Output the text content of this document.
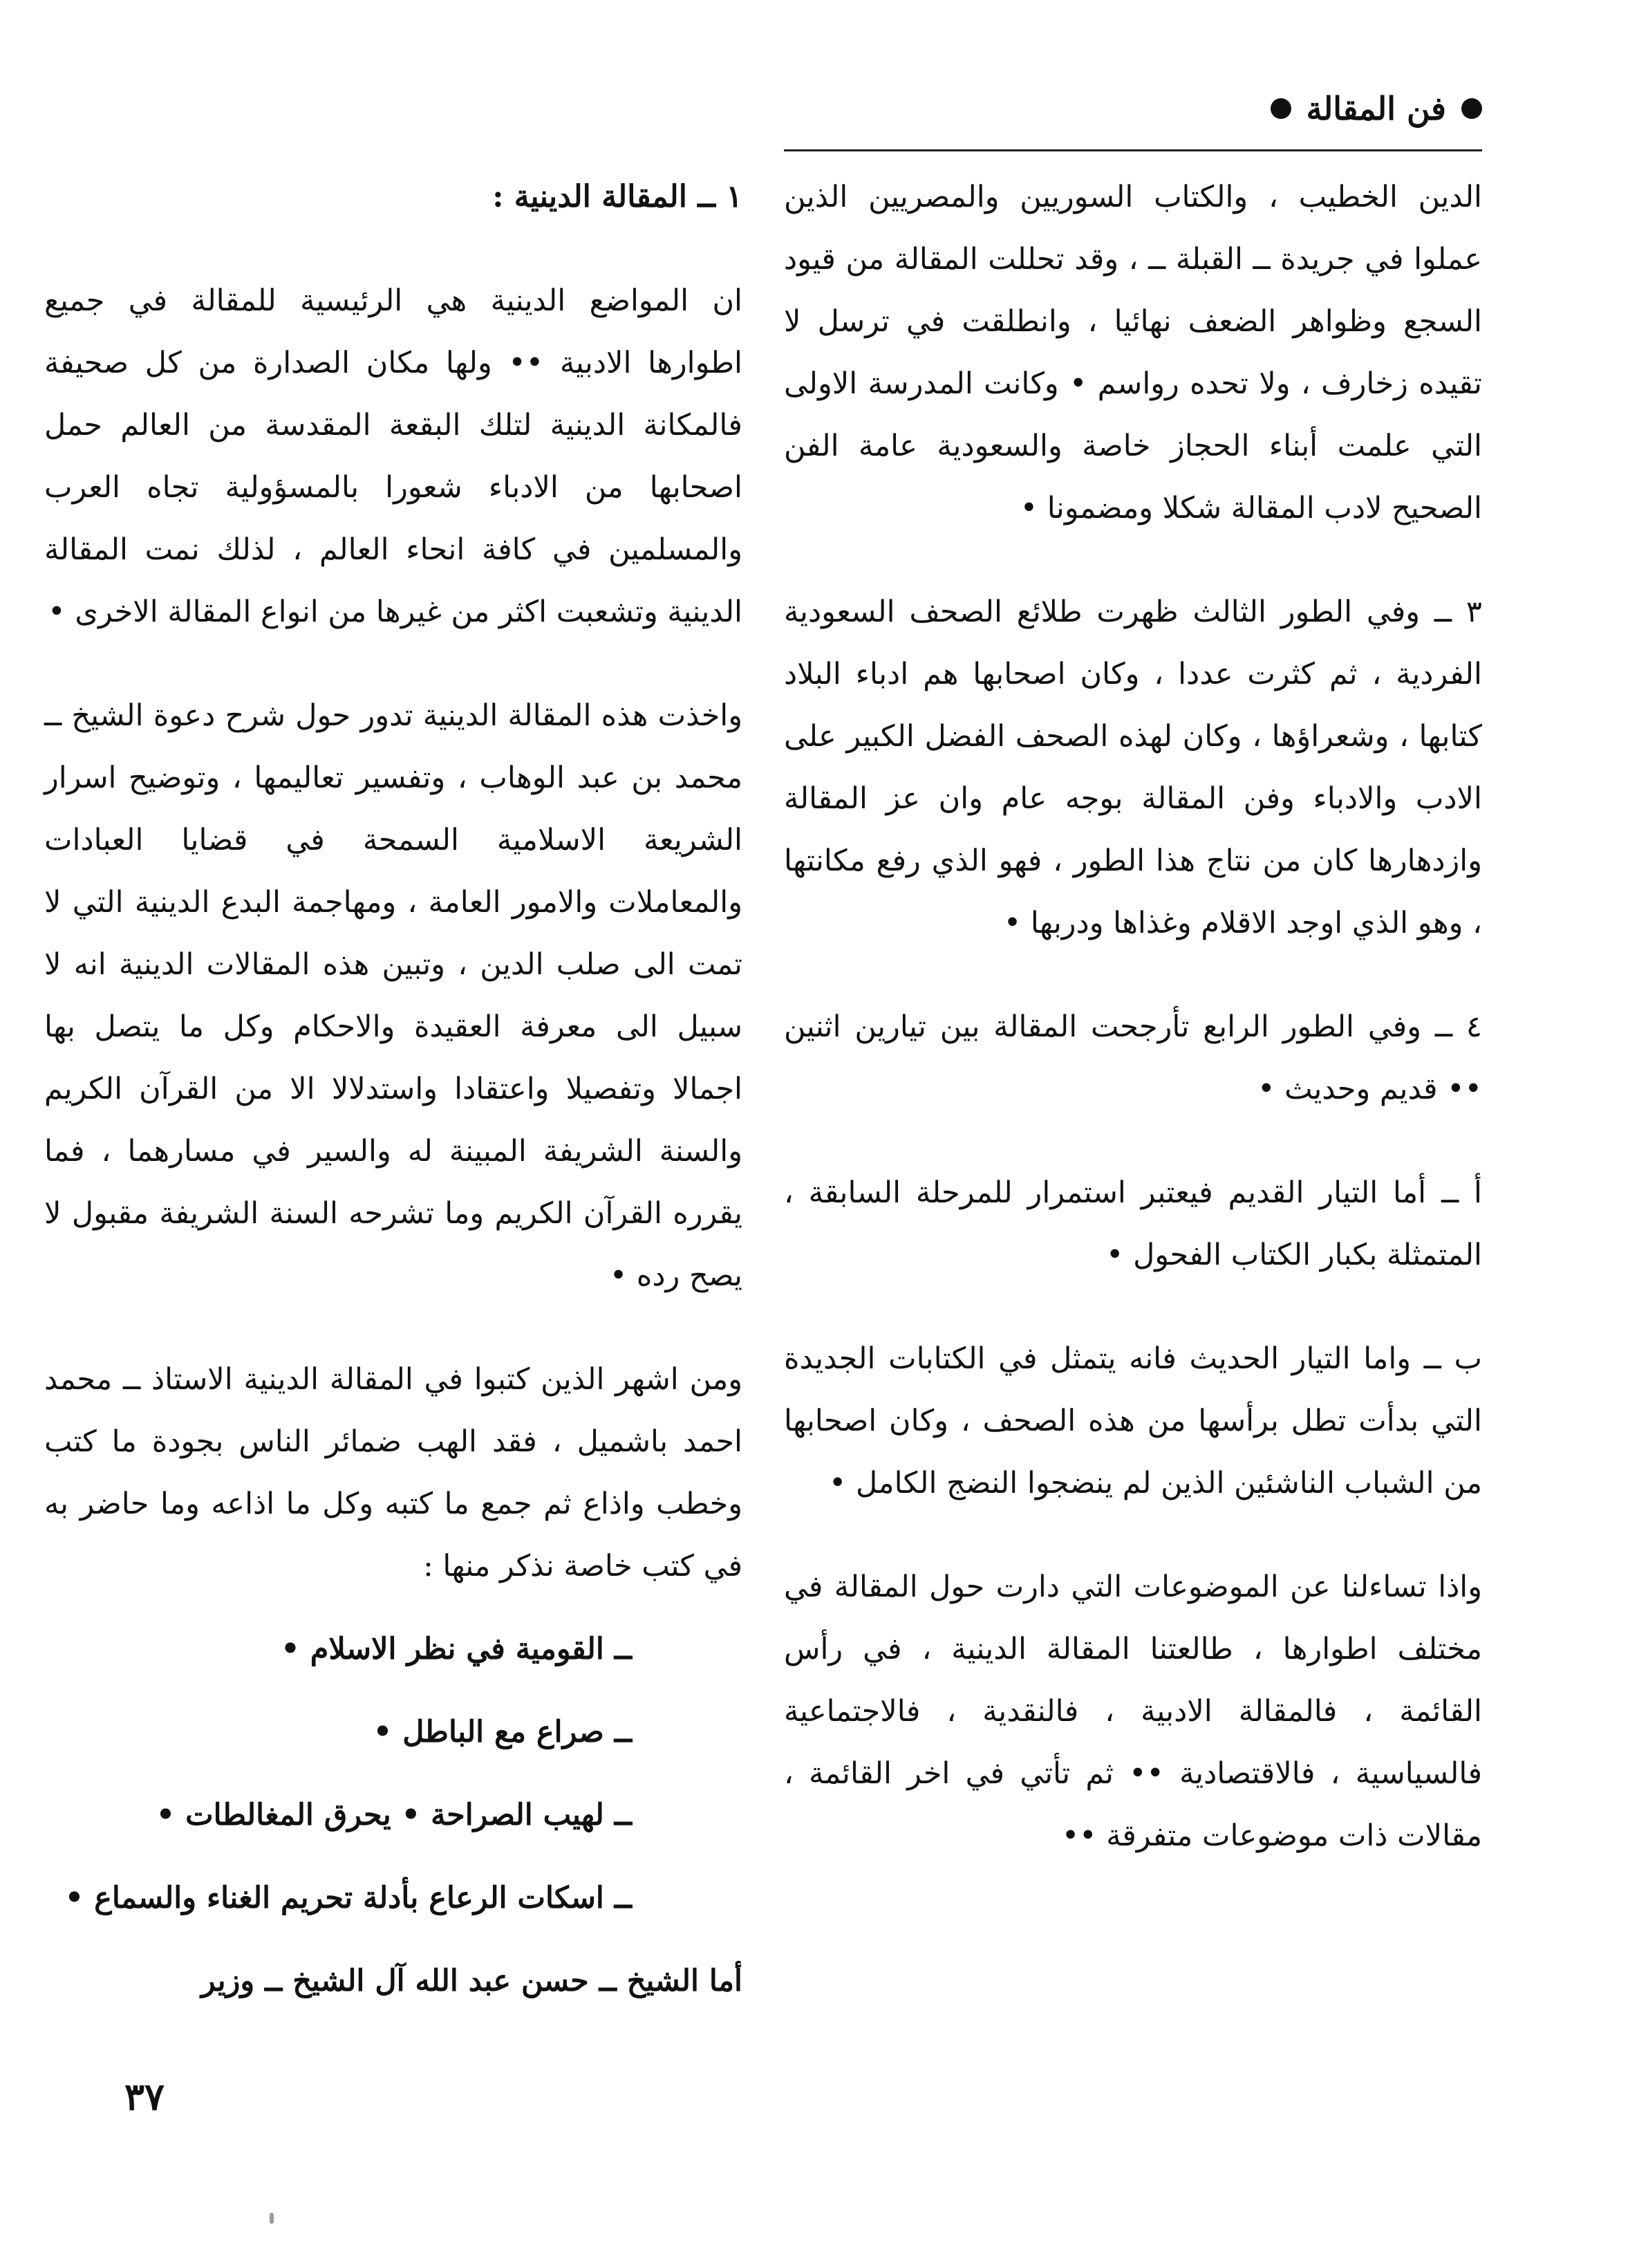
فن المقالة

الدين الخطيب ، والكتاب السوريين والمصريين الذين عملوا في جريدة ــ القبلة ــ ، وقد تحللت المقالة من قيود السجع وظواهر الضعف نهائيا ، وانطلقت في ترسل لا تقيده زخارف ، ولا تحده رواسم • وكانت المدرسة الاولى التي علمت أبناء الحجاز خاصة والسعودية عامة الفن الصحيح لادب المقالة شكلا ومضمونا •

٣ ــ وفي الطور الثالث ظهرت طلائع الصحف السعودية الفردية ، ثم كثرت عددا ، وكان اصحابها هم ادباء البلاد كتابها ، وشعراؤها ، وكان لهذه الصحف الفضل الكبير على الادب والادباء وفن المقالة بوجه عام وان عز المقالة وازدهارها كان من نتاج هذا الطور ، فهو الذي رفع مكانتها ، وهو الذي اوجد الاقلام وغذاها ودربها •

٤ ــ وفي الطور الرابع تأرجحت المقالة بين تيارين اثنين •• قديم وحديث •

أ ــ أما التيار القديم فيعتبر استمرار للمرحلة السابقة ، المتمثلة بكبار الكتاب الفحول •

ب ــ واما التيار الحديث فانه يتمثل في الكتابات الجديدة التي بدأت تطل برأسها من هذه الصحف ، وكان اصحابها من الشباب الناشئين الذين لم ينضجوا النضج الكامل •

واذا تساءلنا عن الموضوعات التي دارت حول المقالة في مختلف اطوارها ، طالعتنا المقالة الدينية ، في رأس القائمة ، فالمقالة الادبية ، فالنقدية ، فالاجتماعية فالسياسية ، فالاقتصادية •• ثم تأتي في اخر القائمة ، مقالات ذات موضوعات متفرقة ••

١ ــ المقالة الدينية :

ان المواضع الدينية هي الرئيسية للمقالة في جميع اطوارها الادبية •• ولها مكان الصدارة من كل صحيفة فالمكانة الدينية لتلك البقعة المقدسة من العالم حمل اصحابها من الادباء شعورا بالمسؤولية تجاه العرب والمسلمين في كافة انحاء العالم ، لذلك نمت المقالة الدينية وتشعبت اكثر من غيرها من انواع المقالة الاخرى •

واخذت هذه المقالة الدينية تدور حول شرح دعوة الشيخ ــ محمد بن عبد الوهاب ، وتفسير تعاليمها ، وتوضيح اسرار الشريعة الاسلامية السمحة في قضايا العبادات والمعاملات والامور العامة ، ومهاجمة البدع الدينية التي لا تمت الى صلب الدين ، وتبين هذه المقالات الدينية انه لا سبيل الى معرفة العقيدة والاحكام وكل ما يتصل بها اجمالا وتفصيلا واعتقادا واستدلالا الا من القرآن الكريم والسنة الشريفة المبينة له والسير في مسارهما ، فما يقرره القرآن الكريم وما تشرحه السنة الشريفة مقبول لا يصح رده •

ومن اشهر الذين كتبوا في المقالة الدينية الاستاذ ــ محمد احمد باشميل ، فقد الهب ضمائر الناس بجودة ما كتب وخطب واذاع ثم جمع ما كتبه وكل ما اذاعه وما حاضر به في كتب خاصة نذكر منها :

ــ القومية في نظر الاسلام •
ــ صراع مع الباطل •
ــ لهيب الصراحة • يحرق المغالطات •
ــ اسكات الرعاع بأدلة تحريم الغناء والسماع •

أما الشيخ ــ حسن عبد الله آل الشيخ ــ وزير

٣٧
